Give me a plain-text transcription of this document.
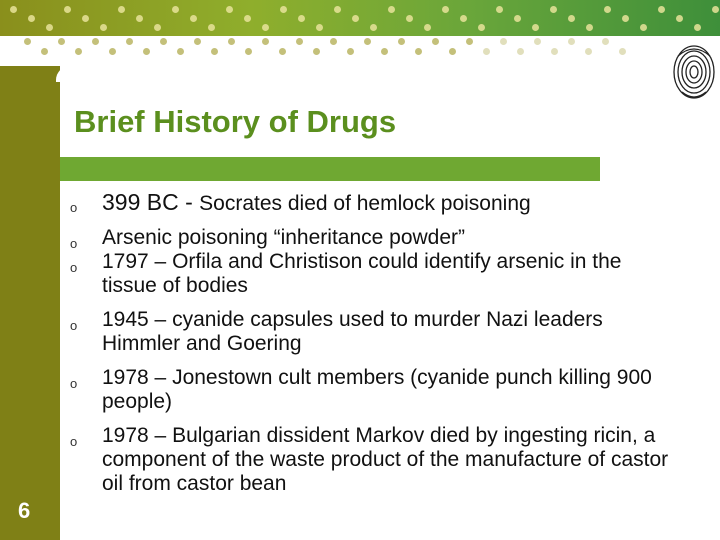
Brief History of Drugs
o 399 BC - Socrates died of hemlock poisoning
o Arsenic poisoning “inheritance powder”
o 1797 – Orfila and Christison could identify arsenic in the tissue of bodies
o 1945 – cyanide capsules used to murder Nazi leaders Himmler and Goering
o 1978 – Jonestown cult members (cyanide punch killing 900 people)
o 1978 – Bulgarian dissident Markov died by ingesting ricin, a component of the waste product of the manufacture of castor oil from castor bean
6
